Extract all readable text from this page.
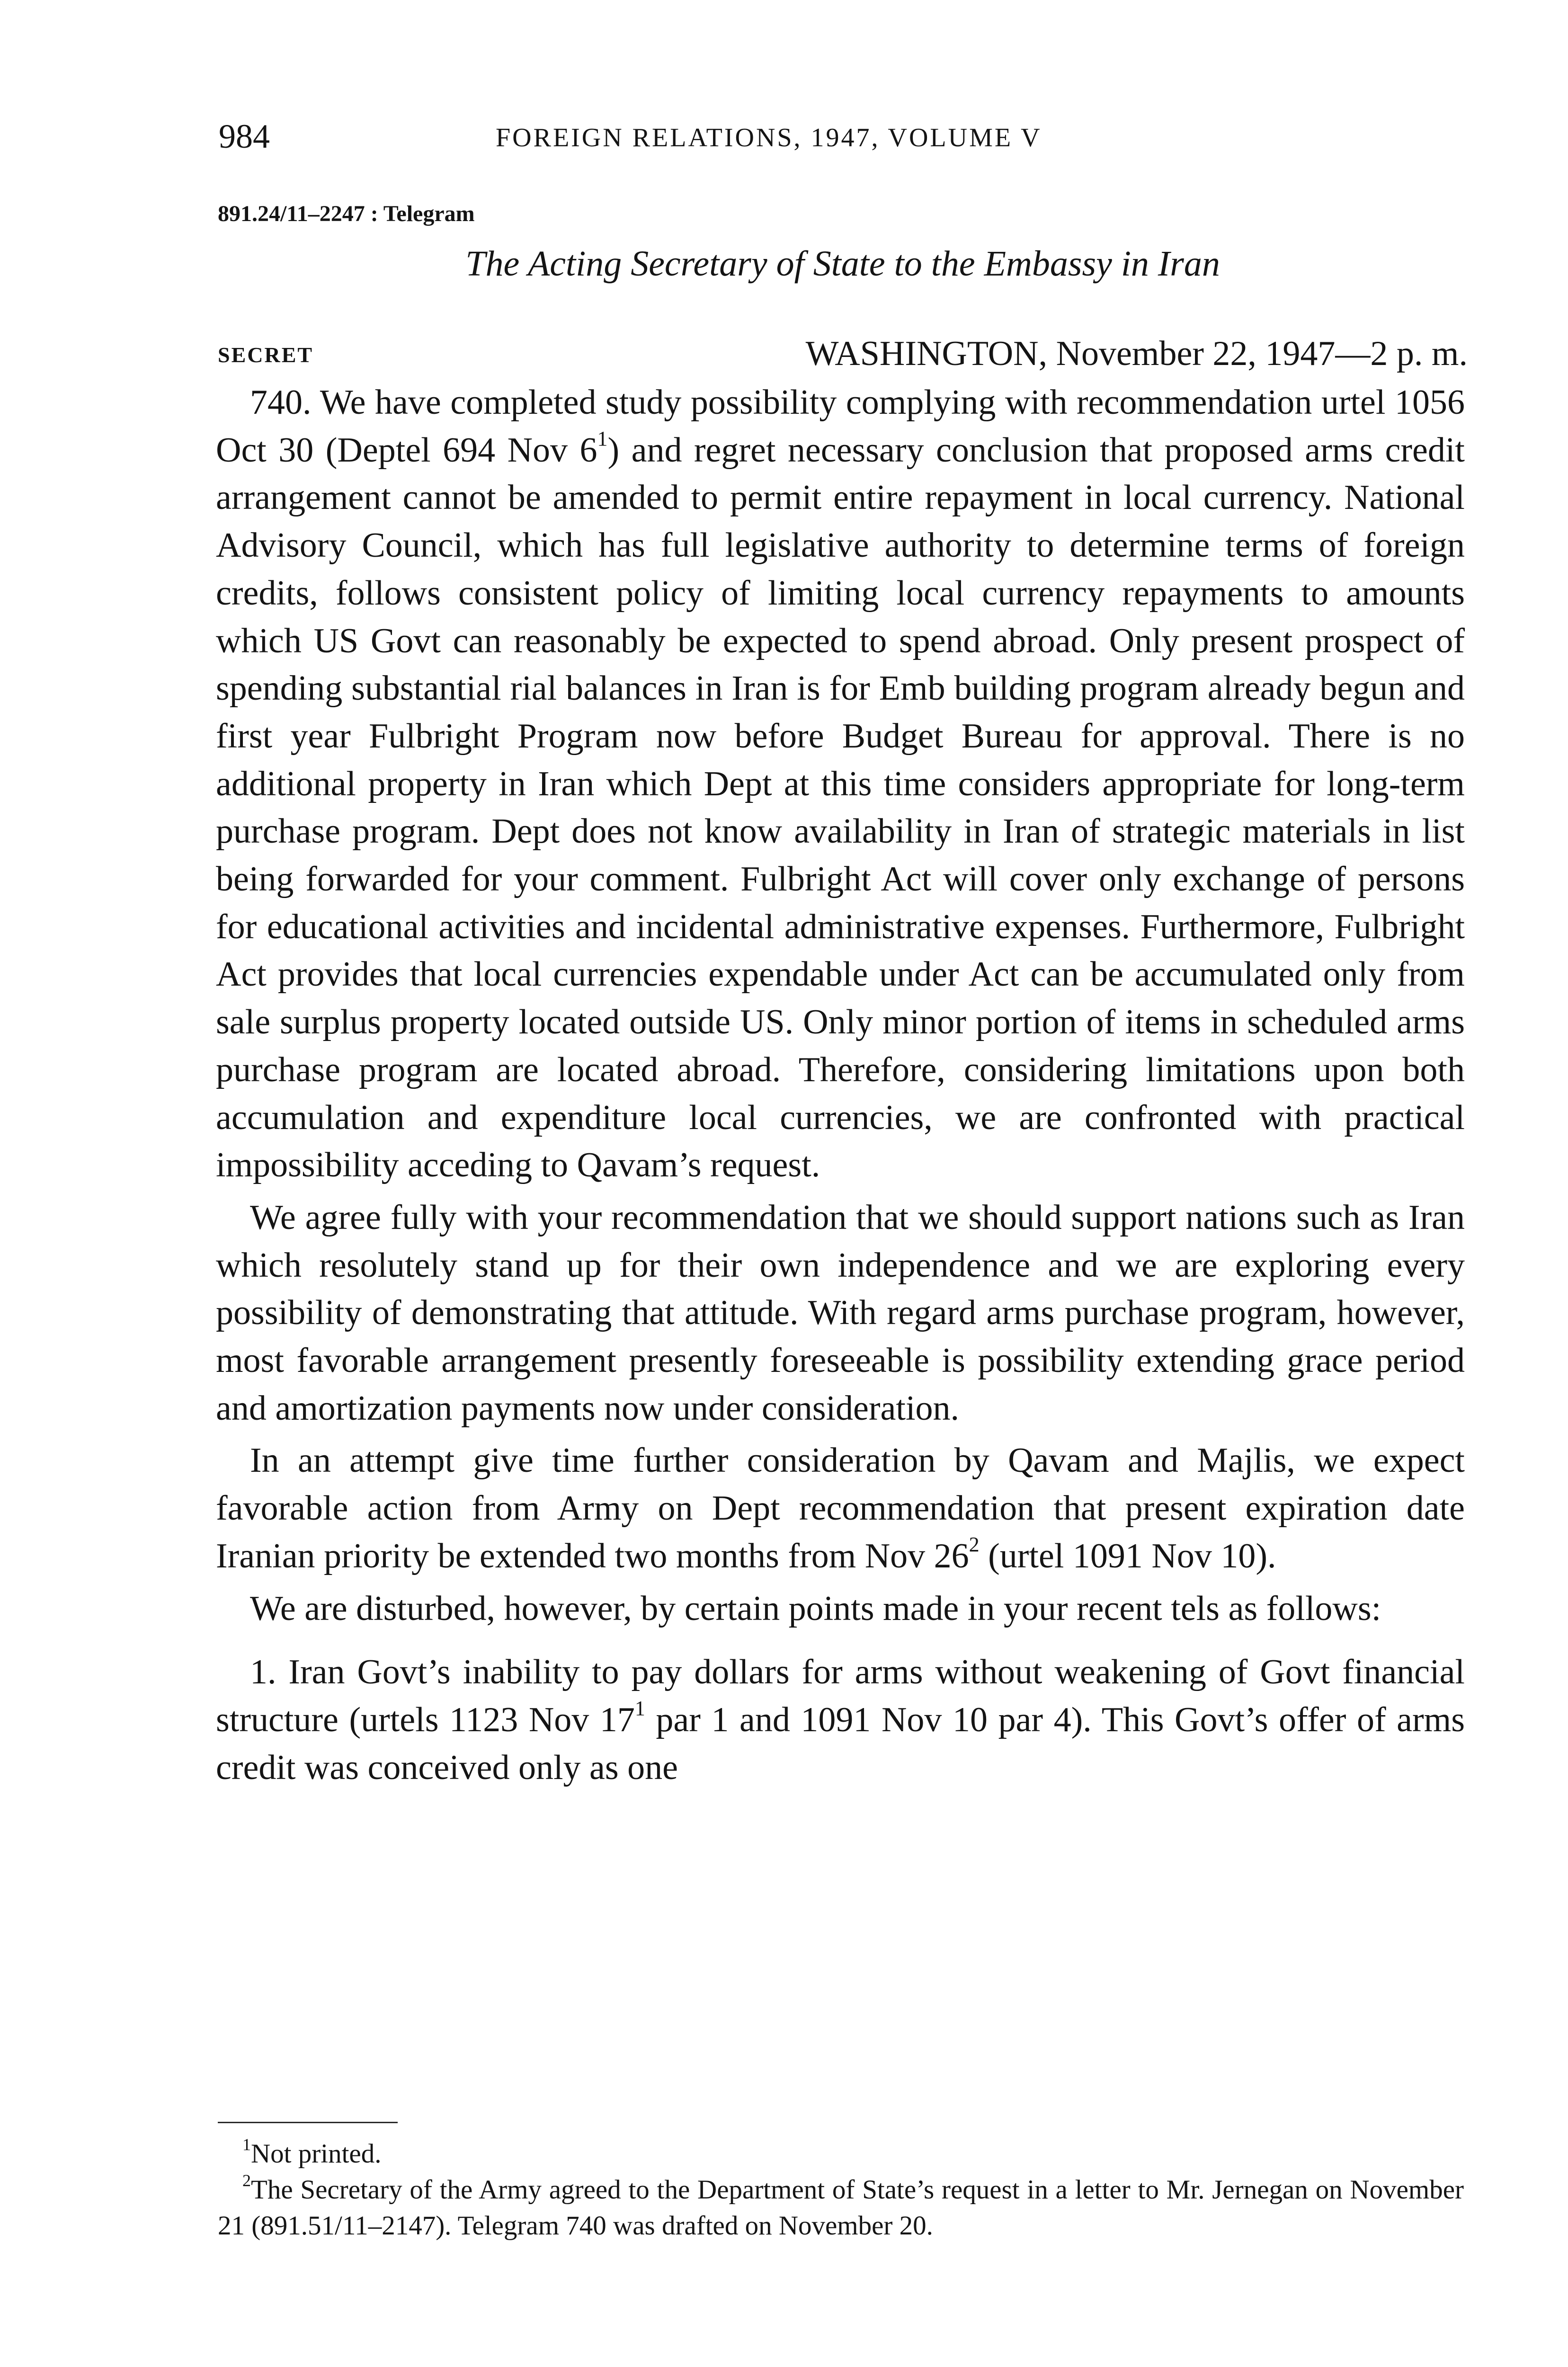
984	FOREIGN RELATIONS, 1947, VOLUME V
891.24/11–2247 : Telegram
The Acting Secretary of State to the Embassy in Iran
SECRET	WASHINGTON, November 22, 1947—2 p. m.

740. We have completed study possibility complying with recommendation urtel 1056 Oct 30 (Deptel 694 Nov $6^1$) and regret necessary conclusion that proposed arms credit arrangement cannot be amended to permit entire repayment in local currency. National Advisory Council, which has full legislative authority to determine terms of foreign credits, follows consistent policy of limiting local currency repayments to amounts which US Govt can reasonably be expected to spend abroad. Only present prospect of spending substantial rial balances in Iran is for Emb building program already begun and first year Fulbright Program now before Budget Bureau for approval. There is no additional property in Iran which Dept at this time considers appropriate for long-term purchase program. Dept does not know availability in Iran of strategic materials in list being forwarded for your comment. Fulbright Act will cover only exchange of persons for educational activities and incidental administrative expenses. Furthermore, Fulbright Act provides that local currencies expendable under Act can be accumulated only from sale surplus property located outside US. Only minor portion of items in scheduled arms purchase program are located abroad. Therefore, considering limitations upon both accumulation and expenditure local currencies, we are confronted with practical impossibility acceding to Qavam’s request.

We agree fully with your recommendation that we should support nations such as Iran which resolutely stand up for their own independence and we are exploring every possibility of demonstrating that attitude. With regard arms purchase program, however, most favorable arrangement presently foreseeable is possibility extending grace period and amortization payments now under consideration.

In an attempt give time further consideration by Qavam and Majlis, we expect favorable action from Army on Dept recommendation that present expiration date Iranian priority be extended two months from Nov $26^2$ (urtel 1091 Nov 10).

We are disturbed, however, by certain points made in your recent tels as follows:

1. Iran Govt’s inability to pay dollars for arms without weakening of Govt financial structure (urtels 1123 Nov $17^1$ par 1 and 1091 Nov 10 par 4). This Govt’s offer of arms credit was conceived only as one

$^1$Not printed.

$^2$The Secretary of the Army agreed to the Department of State’s request in a letter to Mr. Jernegan on November 21 (891.51/11–2147). Telegram 740 was drafted on November 20.
